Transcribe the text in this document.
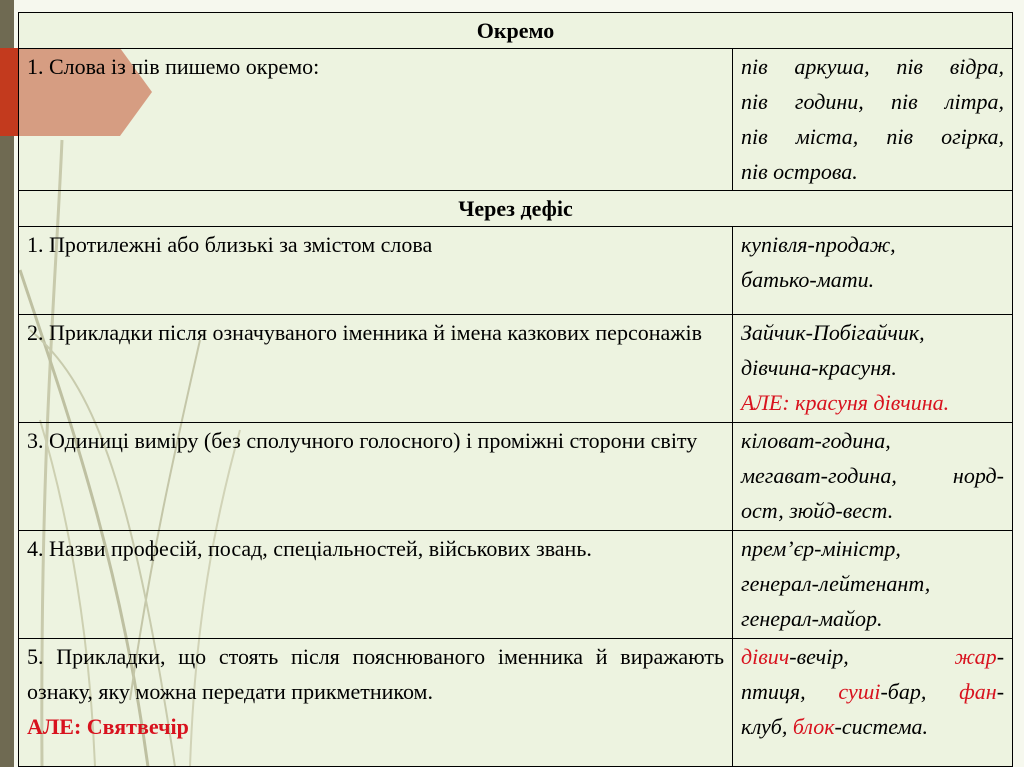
Окремо	
1. Слова із пів пишемо окремо:	пів аркуша, пів відра,
пів години, пів літра,
пів міста, пів огірка,
пів острова.

Через дефіс	
1. Протилежні або близькі за змістом слова	купівля-продаж,
батько-мати.

2. Прикладки після означуваного іменника й імена казкових персонажів	Зайчик-Побігайчик,
дівчина-красуня.
АЛЕ: красуня дівчина.

3. Одиниці виміру (без сполучного голосного) і проміжні сторони світу	кіловат-година,
мегават-година, норд-
ост, зюйд-вест.

4. Назви професій, посад, спеціальностей, військових звань.	прем’єр-міністр,
генерал-лейтенант,
генерал-майор.

5. Прикладки, що стоять після пояснюваного іменника й виражають ознаку, яку можна передати прикметником.
АЛЕ: Святвечір	дівич-вечір, жар-
птиця, суші-бар, фан-
клуб, блок-система.
